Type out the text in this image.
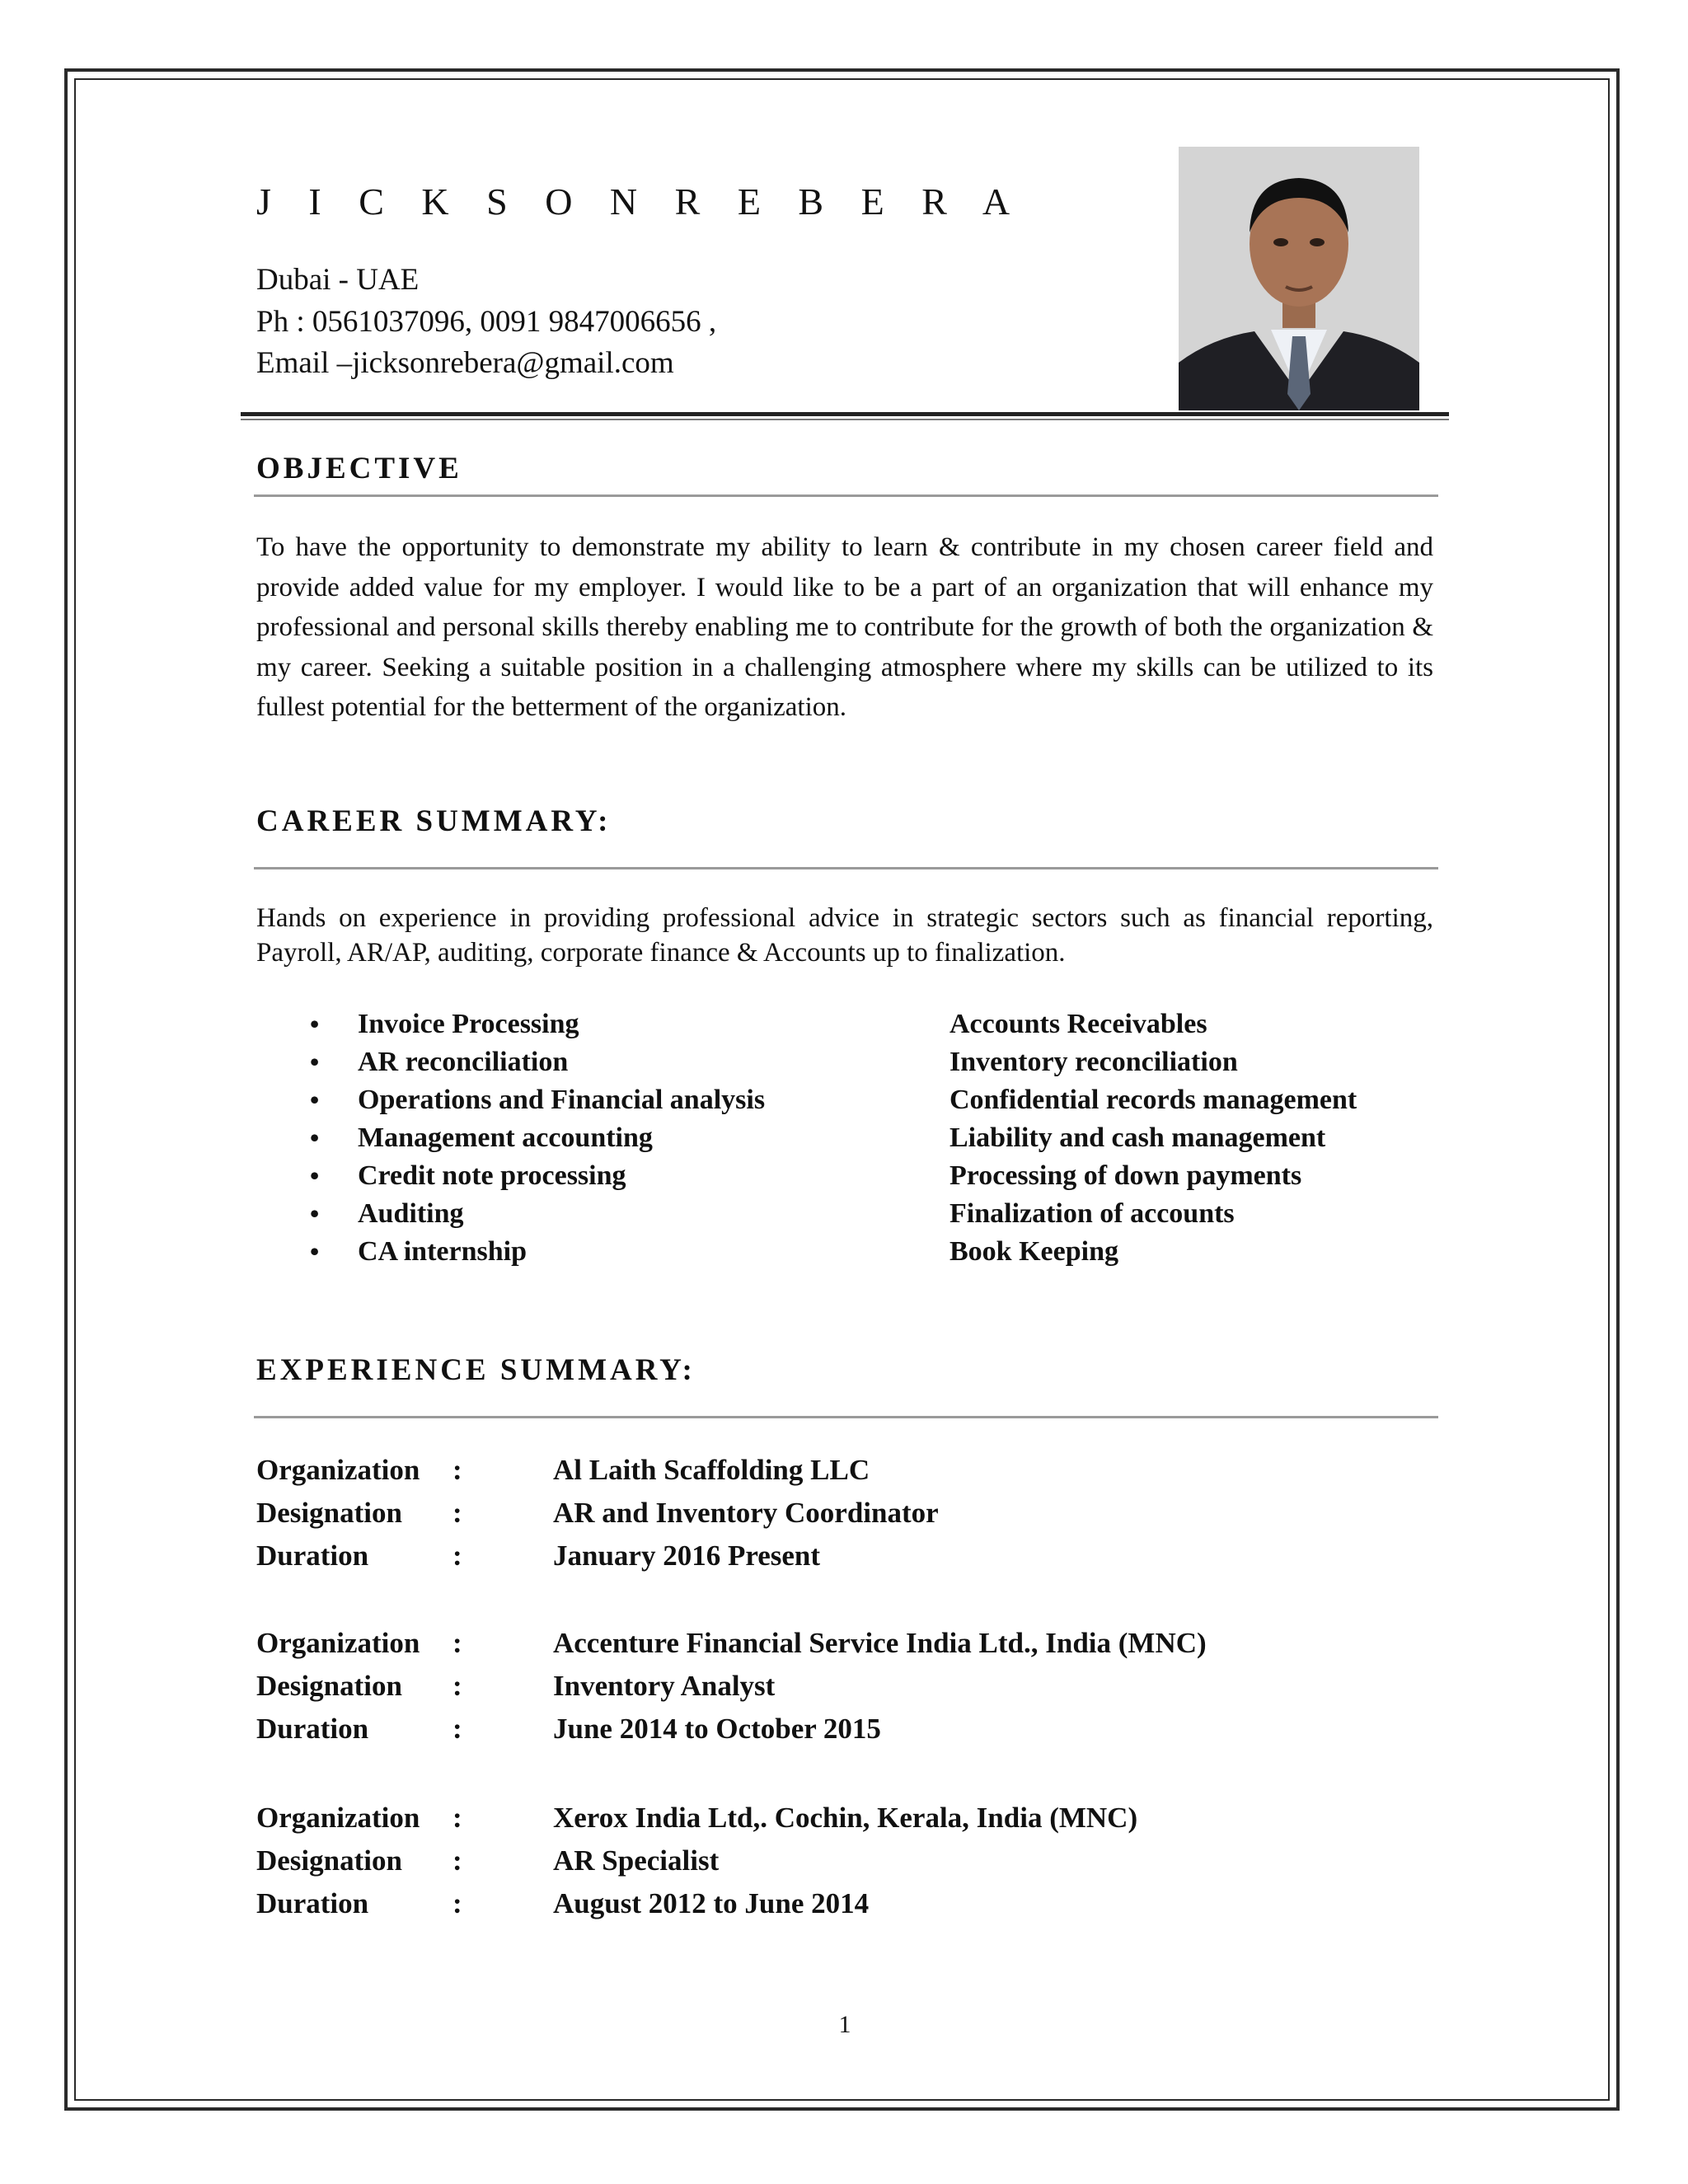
J I C K S O N R E B E R A
Dubai - UAE
Ph : 0561037096, 0091 9847006656 ,
Email –jicksonrebera@gmail.com
OBJECTIVE
To have the opportunity to demonstrate my ability to learn & contribute in my chosen career field and provide added value for my employer. I would like to be a part of an organization that will enhance my professional and personal skills thereby enabling me to contribute for the growth of both the organization & my career. Seeking a suitable position in a challenging atmosphere where my skills can be utilized to its fullest potential for the betterment of the organization.
CAREER SUMMARY:
Hands on experience in providing professional advice in strategic sectors such as financial reporting, Payroll, AR/AP, auditing, corporate finance & Accounts up to finalization.
• Invoice Processing	Accounts Receivables
• AR reconciliation	Inventory reconciliation
• Operations and Financial analysis	Confidential records management
• Management accounting	Liability and cash management
• Credit note processing	Processing of down payments
• Auditing	Finalization of accounts
• CA internship	Book Keeping
EXPERIENCE SUMMARY:
Organization :	Al Laith Scaffolding LLC
Designation :	AR and Inventory Coordinator
Duration	:	January 2016 Present
Organization :	Accenture Financial Service India Ltd., India (MNC)
Designation :	Inventory Analyst
Duration	:	June 2014 to October 2015
Organization :	Xerox India Ltd,. Cochin, Kerala, India (MNC)
Designation :	AR Specialist
Duration	:	August 2012 to June 2014
1
